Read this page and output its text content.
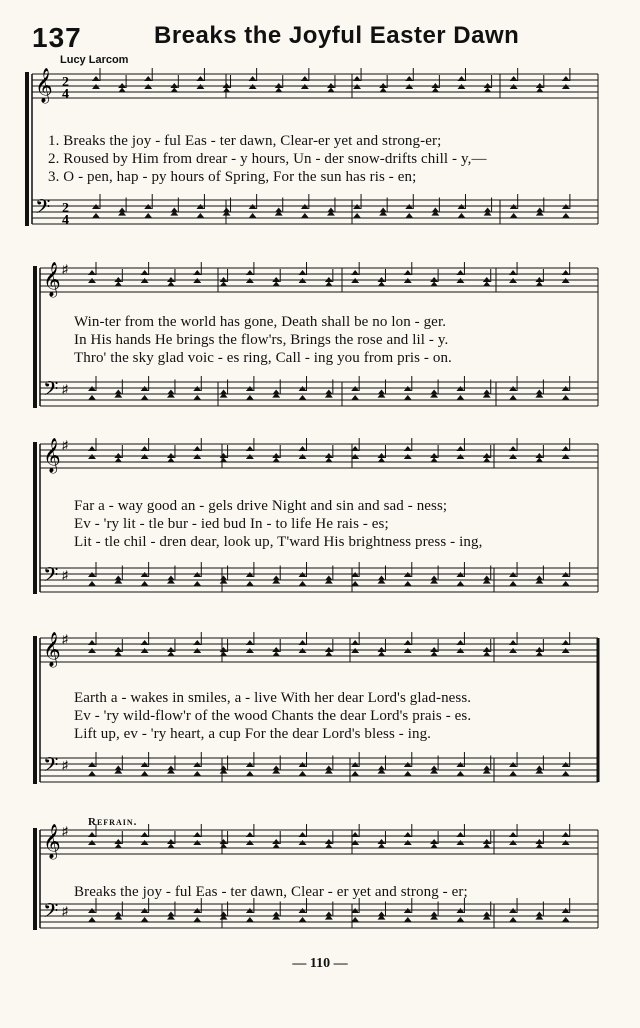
137	Breaks the Joyful Easter Dawn
Lucy Larcom
𝄞
𝄢
2
4
2
4
1. Breaks the joy - ful Eas - ter dawn, Clear-er yet and strong-er;
2. Roused by Him from drear - y hours, Un - der snow-drifts chill - y,—
3. O - pen, hap - py hours of Spring, For the sun has ris - en;
𝄞
𝄢
♯
♯
Win-ter from the world has gone, Death shall be no lon - ger.
In His hands He brings the flow'rs, Brings the rose and lil - y.
Thro' the sky glad voic - es ring, Call - ing you from pris - on.
𝄞
𝄢
♯
♯
Far a - way good an - gels drive Night and sin and sad - ness;
Ev - 'ry lit - tle bur - ied bud In - to life He rais - es;
Lit - tle chil - dren dear, look up, T'ward His brightness press - ing,
𝄞
𝄢
♯
♯
Earth a - wakes in smiles, a - live With her dear Lord's glad-ness.
Ev - 'ry wild-flow'r of the wood Chants the dear Lord's prais - es.
Lift up, ev - 'ry heart, a cup For the dear Lord's bless - ing.
Refrain.
𝄞
𝄢
♯
♯
Breaks the joy - ful Eas - ter dawn, Clear - er yet and strong - er;
— 110 —
